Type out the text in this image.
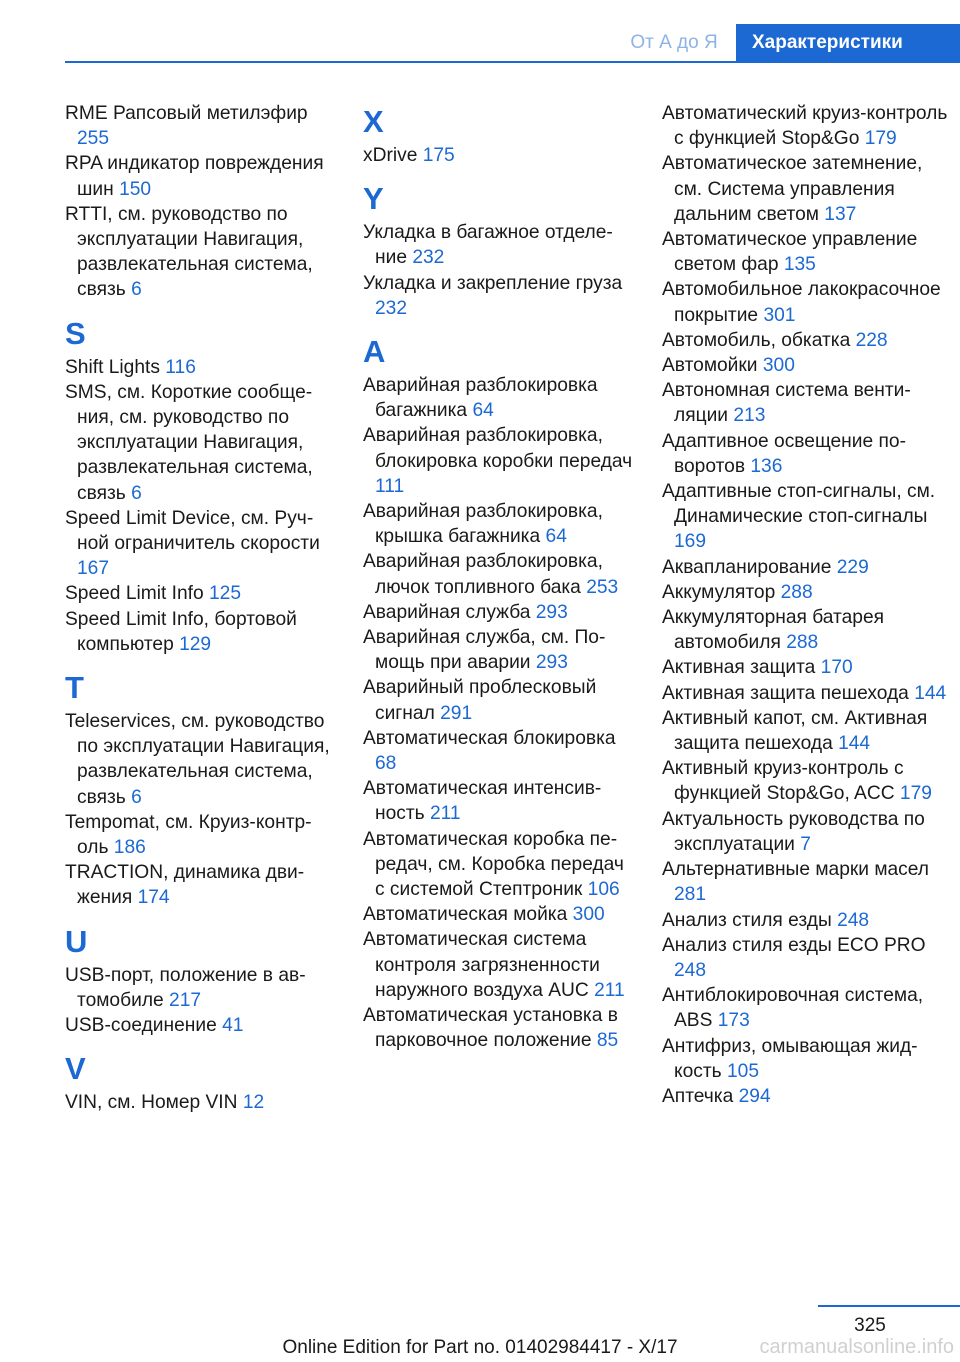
От А до Я	Характеристики

RME Рапсовый метилэфир 255

RPA индикатор повреждения шин 150

RTTI, см. руководство по эксплуатации Навигация, развлекательная система, связь 6

S

Shift Lights 116

SMS, см. Короткие сообщения, см. руководство по эксплуатации Навигация, развлекательная система, связь 6

Speed Limit Device, см. Ручной ограничитель скорости 167

Speed Limit Info 125

Speed Limit Info, бортовой компьютер 129

T

Teleservices, см. руководство по эксплуатации Навигация, развлекательная система, связь 6

Tempomat, см. Круиз-контроль 186

TRACTION, динамика движения 174

U

USB-порт, положение в автомобиле 217

USB-соединение 41

V

VIN, см. Номер VIN 12

X

xDrive 175

Y

Укладка в багажное отделение 232

Укладка и закрепление груза 232

A

Аварийная разблокировка багажника 64

Аварийная разблокировка, блокировка коробки передач 111

Аварийная разблокировка, крышка багажника 64

Аварийная разблокировка, лючок топливного бака 253

Аварийная служба 293

Аварийная служба, см. Помощь при аварии 293

Аварийный проблесковый сигнал 291

Автоматическая блокировка 68

Автоматическая интенсивность 211

Автоматическая коробка передач, см. Коробка передач с системой Стептроник 106

Автоматическая мойка 300

Автоматическая система контроля загрязненности наружного воздуха AUC 211

Автоматическая установка в парковочное положение 85

Автоматический круиз-контроль с функцией Stop&Go 179

Автоматическое затемнение, см. Система управления дальним светом 137

Автоматическое управление светом фар 135

Автомобильное лакокрасочное покрытие 301

Автомобиль, обкатка 228

Автомойки 300

Автономная система вентиляции 213

Адаптивное освещение поворотов 136

Адаптивные стоп-сигналы, см. Динамические стоп-сигналы 169

Аквапланирование 229

Аккумулятор 288

Аккумуляторная батарея автомобиля 288

Активная защита 170

Активная защита пешехода 144

Активный капот, см. Активная защита пешехода 144

Активный круиз-контроль с функцией Stop&Go, ACC 179

Актуальность руководства по эксплуатации 7

Альтернативные марки масел 281

Анализ стиля езды 248

Анализ стиля езды ECO PRO 248

Антиблокировочная система, ABS 173

Антифриз, омывающая жидкость 105

Аптечка 294

325
Online Edition for Part no. 01402984417 - X/17	carmanualsonline.info
